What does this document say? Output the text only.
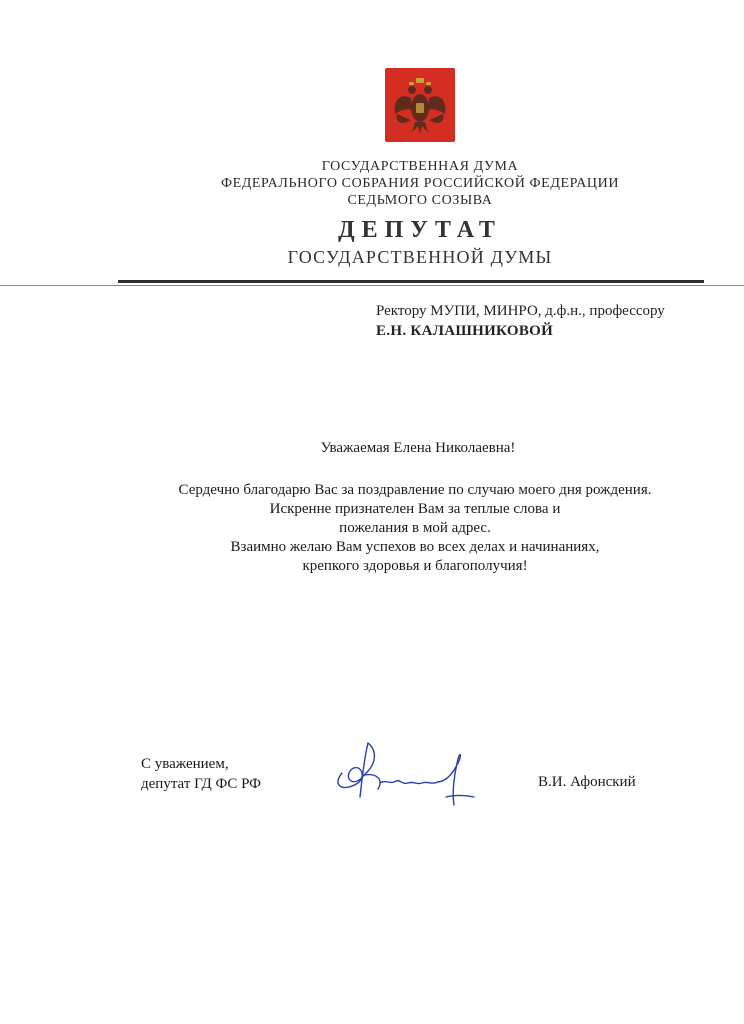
ГОСУДАРСТВЕННАЯ ДУМА
ФЕДЕРАЛЬНОГО СОБРАНИЯ РОССИЙСКОЙ ФЕДЕРАЦИИ
СЕДЬМОГО СОЗЫВА
ДЕПУТАТ
ГОСУДАРСТВЕННОЙ ДУМЫ
Ректору МУПИ, МИНРО, д.ф.н., профессору
Е.Н. КАЛАШНИКОВОЙ
Уважаемая Елена Николаевна!
Сердечно благодарю Вас за поздравление по случаю моего дня рождения.
Искренне признателен Вам за теплые слова и
пожелания в мой адрес.
Взаимно желаю Вам успехов во всех делах и начинаниях,
крепкого здоровья и благополучия!
С уважением,
депутат ГД ФС РФ	В.И. Афонский
